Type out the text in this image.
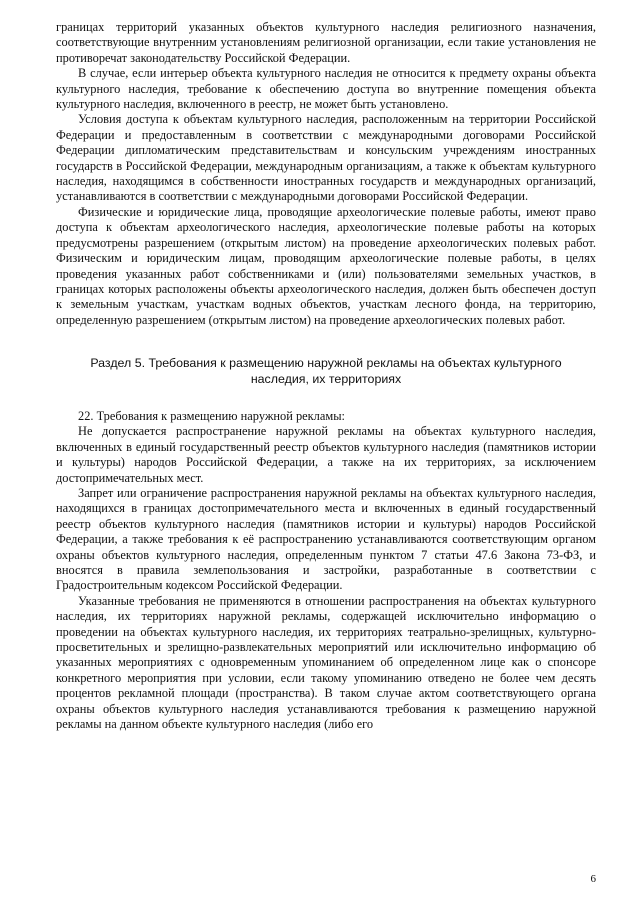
границах территорий указанных объектов культурного наследия религиозного назначения, соответствующие внутренним установлениям религиозной организации, если такие установления не противоречат законодательству Российской Федерации.

В случае, если интерьер объекта культурного наследия не относится к предмету охраны объекта культурного наследия, требование к обеспечению доступа во внутренние помещения объекта культурного наследия, включенного в реестр, не может быть установлено.

Условия доступа к объектам культурного наследия, расположенным на территории Российской Федерации и предоставленным в соответствии с международными договорами Российской Федерации дипломатическим представительствам и консульским учреждениям иностранных государств в Российской Федерации, международным организациям, а также к объектам культурного наследия, находящимся в собственности иностранных государств и международных организаций, устанавливаются в соответствии с международными договорами Российской Федерации.

Физические и юридические лица, проводящие археологические полевые работы, имеют право доступа к объектам археологического наследия, археологические полевые работы на которых предусмотрены разрешением (открытым листом) на проведение археологических полевых работ. Физическим и юридическим лицам, проводящим археологические полевые работы, в целях проведения указанных работ собственниками и (или) пользователями земельных участков, в границах которых расположены объекты археологического наследия, должен быть обеспечен доступ к земельным участкам, участкам водных объектов, участкам лесного фонда, на территорию, определенную разрешением (открытым листом) на проведение археологических полевых работ.

Раздел 5. Требования к размещению наружной рекламы на объектах культурного наследия, их территориях

22. Требования к размещению наружной рекламы:

Не допускается распространение наружной рекламы на объектах культурного наследия, включенных в единый государственный реестр объектов культурного наследия (памятников истории и культуры) народов Российской Федерации, а также на их территориях, за исключением достопримечательных мест.

Запрет или ограничение распространения наружной рекламы на объектах культурного наследия, находящихся в границах достопримечательного места и включенных в единый государственный реестр объектов культурного наследия (памятников истории и культуры) народов Российской Федерации, а также требования к её распространению устанавливаются соответствующим органом охраны объектов культурного наследия, определенным пунктом 7 статьи 47.6 Закона 73-ФЗ, и вносятся в правила землепользования и застройки, разработанные в соответствии с Градостроительным кодексом Российской Федерации.

Указанные требования не применяются в отношении распространения на объектах культурного наследия, их территориях наружной рекламы, содержащей исключительно информацию о проведении на объектах культурного наследия, их территориях театрально-зрелищных, культурно-просветительных и зрелищно-развлекательных мероприятий или исключительно информацию об указанных мероприятиях с одновременным упоминанием об определенном лице как о спонсоре конкретного мероприятия при условии, если такому упоминанию отведено не более чем десять процентов рекламной площади (пространства). В таком случае актом соответствующего органа охраны объектов культурного наследия устанавливаются требования к размещению наружной рекламы на данном объекте культурного наследия (либо его

6
